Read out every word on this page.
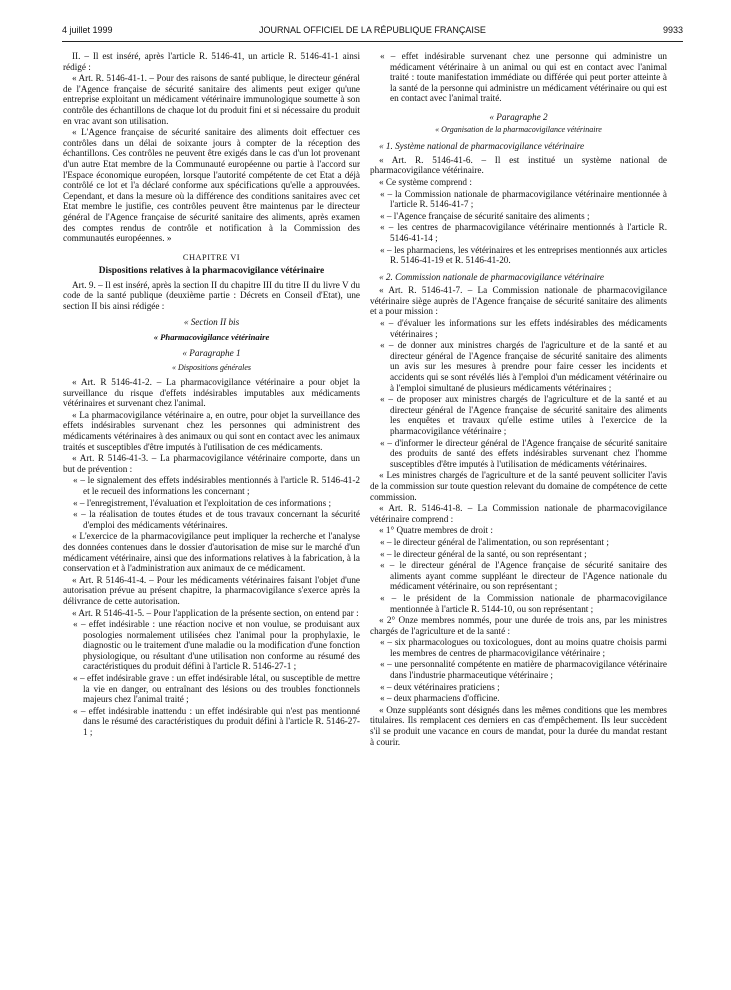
4 juillet 1999	JOURNAL OFFICIEL DE LA RÉPUBLIQUE FRANÇAISE	9933

II. – Il est inséré, après l'article R. 5146-41, un article R. 5146-41-1 ainsi rédigé :

« Art. R. 5146-41-1. – Pour des raisons de santé publique, le directeur général de l'Agence française de sécurité sanitaire des aliments peut exiger qu'une entreprise exploitant un médicament vétérinaire immunologique soumette à son contrôle des échantillons de chaque lot du produit fini et si nécessaire du produit en vrac avant son utilisation.

« L'Agence française de sécurité sanitaire des aliments doit effectuer ces contrôles dans un délai de soixante jours à compter de la réception des échantillons. Ces contrôles ne peuvent être exigés dans le cas d'un lot provenant d'un autre Etat membre de la Communauté européenne ou partie à l'accord sur l'Espace économique européen, lorsque l'autorité compétente de cet Etat a déjà contrôlé ce lot et l'a déclaré conforme aux spécifications qu'elle a approuvées. Cependant, et dans la mesure où la différence des conditions sanitaires avec cet Etat membre le justifie, ces contrôles peuvent être maintenus par le directeur général de l'Agence française de sécurité sanitaire des aliments, après examen des comptes rendus de contrôle et notification à la Commission des communautés européennes. »

CHAPITRE VI

Dispositions relatives à la pharmacovigilance vétérinaire

Art. 9. – Il est inséré, après la section II du chapitre III du titre II du livre V du code de la santé publique (deuxième partie : Décrets en Conseil d'Etat), une section II bis ainsi rédigée :

« Section II bis

« Pharmacovigilance vétérinaire

« Paragraphe 1

« Dispositions générales

« Art. R 5146-41-2. – La pharmacovigilance vétérinaire a pour objet la surveillance du risque d'effets indésirables imputables aux médicaments vétérinaires et survenant chez l'animal.

« La pharmacovigilance vétérinaire a, en outre, pour objet la surveillance des effets indésirables survenant chez les personnes qui administrent des médicaments vétérinaires à des animaux ou qui sont en contact avec les animaux traités et susceptibles d'être imputés à l'utilisation de ces médicaments.

« Art. R 5146-41-3. – La pharmacovigilance vétérinaire comporte, dans un but de prévention :

« – le signalement des effets indésirables mentionnés à l'article R. 5146-41-2 et le recueil des informations les concernant ;

« – l'enregistrement, l'évaluation et l'exploitation de ces informations ;

« – la réalisation de toutes études et de tous travaux concernant la sécurité d'emploi des médicaments vétérinaires.

« L'exercice de la pharmacovigilance peut impliquer la recherche et l'analyse des données contenues dans le dossier d'autorisation de mise sur le marché d'un médicament vétérinaire, ainsi que des informations relatives à la fabrication, à la conservation et à l'administration aux animaux de ce médicament.

« Art. R 5146-41-4. – Pour les médicaments vétérinaires faisant l'objet d'une autorisation prévue au présent chapitre, la pharmacovigilance s'exerce après la délivrance de cette autorisation.

« Art. R 5146-41-5. – Pour l'application de la présente section, on entend par :

« – effet indésirable : une réaction nocive et non voulue, se produisant aux posologies normalement utilisées chez l'animal pour la prophylaxie, le diagnostic ou le traitement d'une maladie ou la modification d'une fonction physiologique, ou résultant d'une utilisation non conforme au résumé des caractéristiques du produit défini à l'article R. 5146-27-1 ;

« – effet indésirable grave : un effet indésirable létal, ou susceptible de mettre la vie en danger, ou entraînant des lésions ou des troubles fonctionnels majeurs chez l'animal traité ;

« – effet indésirable inattendu : un effet indésirable qui n'est pas mentionné dans le résumé des caractéristiques du produit défini à l'article R. 5146-27-1 ;

« – effet indésirable survenant chez une personne qui administre un médicament vétérinaire à un animal ou qui est en contact avec l'animal traité : toute manifestation immédiate ou différée qui peut porter atteinte à la santé de la personne qui administre un médicament vétérinaire ou qui est en contact avec l'animal traité.

« Paragraphe 2

« Organisation de la pharmacovigilance vétérinaire

« 1. Système national de pharmacovigilance vétérinaire

« Art. R. 5146-41-6. – Il est institué un système national de pharmacovigilance vétérinaire.

« Ce système comprend :

« – la Commission nationale de pharmacovigilance vétérinaire mentionnée à l'article R. 5146-41-7 ;

« – l'Agence française de sécurité sanitaire des aliments ;

« – les centres de pharmacovigilance vétérinaire mentionnés à l'article R. 5146-41-14 ;

« – les pharmaciens, les vétérinaires et les entreprises mentionnés aux articles R. 5146-41-19 et R. 5146-41-20.

« 2. Commission nationale de pharmacovigilance vétérinaire

« Art. R. 5146-41-7. – La Commission nationale de pharmacovigilance vétérinaire siège auprès de l'Agence française de sécurité sanitaire des aliments et a pour mission :

« – d'évaluer les informations sur les effets indésirables des médicaments vétérinaires ;

« – de donner aux ministres chargés de l'agriculture et de la santé et au directeur général de l'Agence française de sécurité sanitaire des aliments un avis sur les mesures à prendre pour faire cesser les incidents et accidents qui se sont révélés liés à l'emploi d'un médicament vétérinaire ou à l'emploi simultané de plusieurs médicaments vétérinaires ;

« – de proposer aux ministres chargés de l'agriculture et de la santé et au directeur général de l'Agence française de sécurité sanitaire des aliments les enquêtes et travaux qu'elle estime utiles à l'exercice de la pharmacovigilance vétérinaire ;

« – d'informer le directeur général de l'Agence française de sécurité sanitaire des produits de santé des effets indésirables survenant chez l'homme susceptibles d'être imputés à l'utilisation de médicaments vétérinaires.

« Les ministres chargés de l'agriculture et de la santé peuvent solliciter l'avis de la commission sur toute question relevant du domaine de compétence de cette commission.

« Art. R. 5146-41-8. – La Commission nationale de pharmacovigilance vétérinaire comprend :

« 1° Quatre membres de droit :

« – le directeur général de l'alimentation, ou son représentant ;

« – le directeur général de la santé, ou son représentant ;

« – le directeur général de l'Agence française de sécurité sanitaire des aliments ayant comme suppléant le directeur de l'Agence nationale du médicament vétérinaire, ou son représentant ;

« – le président de la Commission nationale de pharmacovigilance mentionnée à l'article R. 5144-10, ou son représentant ;

« 2° Onze membres nommés, pour une durée de trois ans, par les ministres chargés de l'agriculture et de la santé :

« – six pharmacologues ou toxicologues, dont au moins quatre choisis parmi les membres de centres de pharmacovigilance vétérinaire ;

« – une personnalité compétente en matière de pharmacovigilance vétérinaire dans l'industrie pharmaceutique vétérinaire ;

« – deux vétérinaires praticiens ;

« – deux pharmaciens d'officine.

« Onze suppléants sont désignés dans les mêmes conditions que les membres titulaires. Ils remplacent ces derniers en cas d'empêchement. Ils leur succèdent s'il se produit une vacance en cours de mandat, pour la durée du mandat restant à courir.
